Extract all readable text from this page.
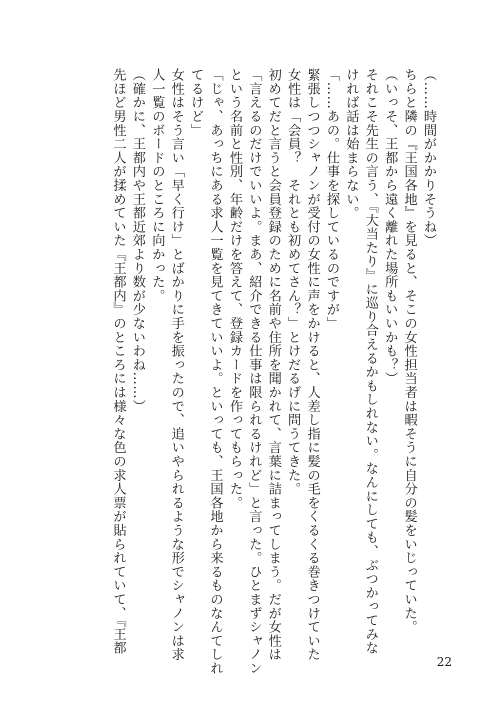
（……時間がかかりそうね）
ちらと隣の『王国各地』を見ると、そこの女性担当者は暇そうに自分の髪をいじっていた。
（いっそ、王都から遠く離れた場所もいいかも？）
それこそ先生の言う、『大当たり』に巡り合えるかもしれない。なんにしても、ぶつかってみな
ければ話は始まらない。
「……あの。仕事を探しているのですが」
緊張しつつシャノンが受付の女性に声をかけると、人差し指に髪の毛をくるくる巻きつけていた
女性は「会員？　それとも初めてさん？」とけだるげに問うてきた。
初めてだと言うと会員登録のために名前や住所を聞かれて、言葉に詰まってしまう。だが女性は
「言えるのだけでいいよ。まあ、紹介できる仕事は限られるけれど」と言った。ひとまずシャノン
という名前と性別、年齢だけを答えて、登録カードを作ってもらった。
「じゃ、あっちにある求人一覧を見てきていいよ。といっても、王国各地から来るものなんてしれ
てるけど」
女性はそう言い「早く行け」とばかりに手を振ったので、追いやられるような形でシャノンは求
人一覧のボードのところに向かった。
（確かに、王都内や王都近郊より数が少ないわね……）
先ほど男性二人が揉めていた『王都内』のところには様々な色の求人票が貼られていて、『王都
22
